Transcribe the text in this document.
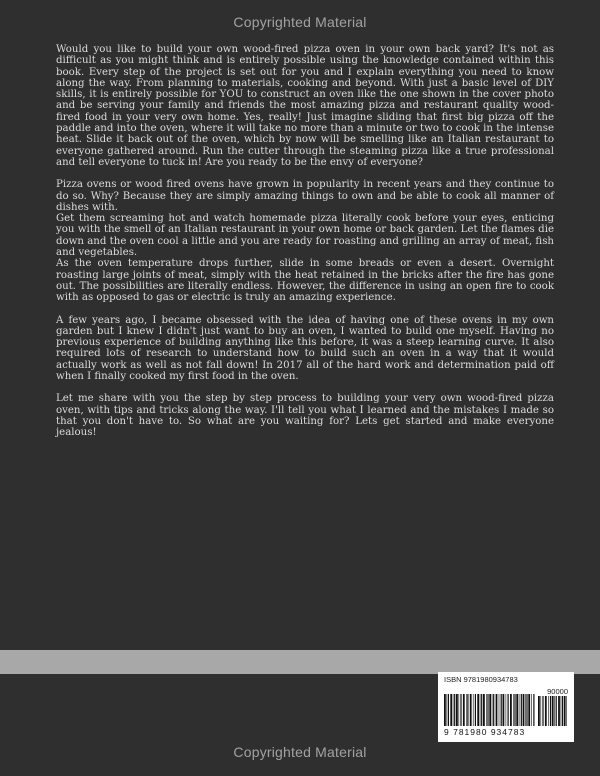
Copyrighted Material

Would you like to build your own wood-fired pizza oven in your own back yard? It's not as difficult as you might think and is entirely possible using the knowledge contained within this book. Every step of the project is set out for you and I explain everything you need to know along the way. From planning to materials, cooking and beyond. With just a basic level of DIY skills, it is entirely possible for YOU to construct an oven like the one shown in the cover photo and be serving your family and friends the most amazing pizza and restaurant quality wood-fired food in your very own home. Yes, really! Just imagine sliding that first big pizza off the paddle and into the oven, where it will take no more than a minute or two to cook in the intense heat. Slide it back out of the oven, which by now will be smelling like an Italian restaurant to everyone gathered around. Run the cutter through the steaming pizza like a true professional and tell everyone to tuck in! Are you ready to be the envy of everyone?

Pizza ovens or wood fired ovens have grown in popularity in recent years and they continue to do so. Why? Because they are simply amazing things to own and be able to cook all manner of dishes with.

Get them screaming hot and watch homemade pizza literally cook before your eyes, enticing you with the smell of an Italian restaurant in your own home or back garden. Let the flames die down and the oven cool a little and you are ready for roasting and grilling an array of meat, fish and vegetables.

As the oven temperature drops further, slide in some breads or even a desert. Overnight roasting large joints of meat, simply with the heat retained in the bricks after the fire has gone out. The possibilities are literally endless. However, the difference in using an open fire to cook with as opposed to gas or electric is truly an amazing experience.

A few years ago, I became obsessed with the idea of having one of these ovens in my own garden but I knew I didn't just want to buy an oven, I wanted to build one myself. Having no previous experience of building anything like this before, it was a steep learning curve. It also required lots of research to understand how to build such an oven in a way that it would actually work as well as not fall down! In 2017 all of the hard work and determination paid off when I finally cooked my first food in the oven.

Let me share with you the step by step process to building your very own wood-fired pizza oven, with tips and tricks along the way. I'll tell you what I learned and the mistakes I made so that you don't have to. So what are you waiting for? Lets get started and make everyone jealous!

ISBN 9781980934783
90000
9 781980 934783
Copyrighted Material
